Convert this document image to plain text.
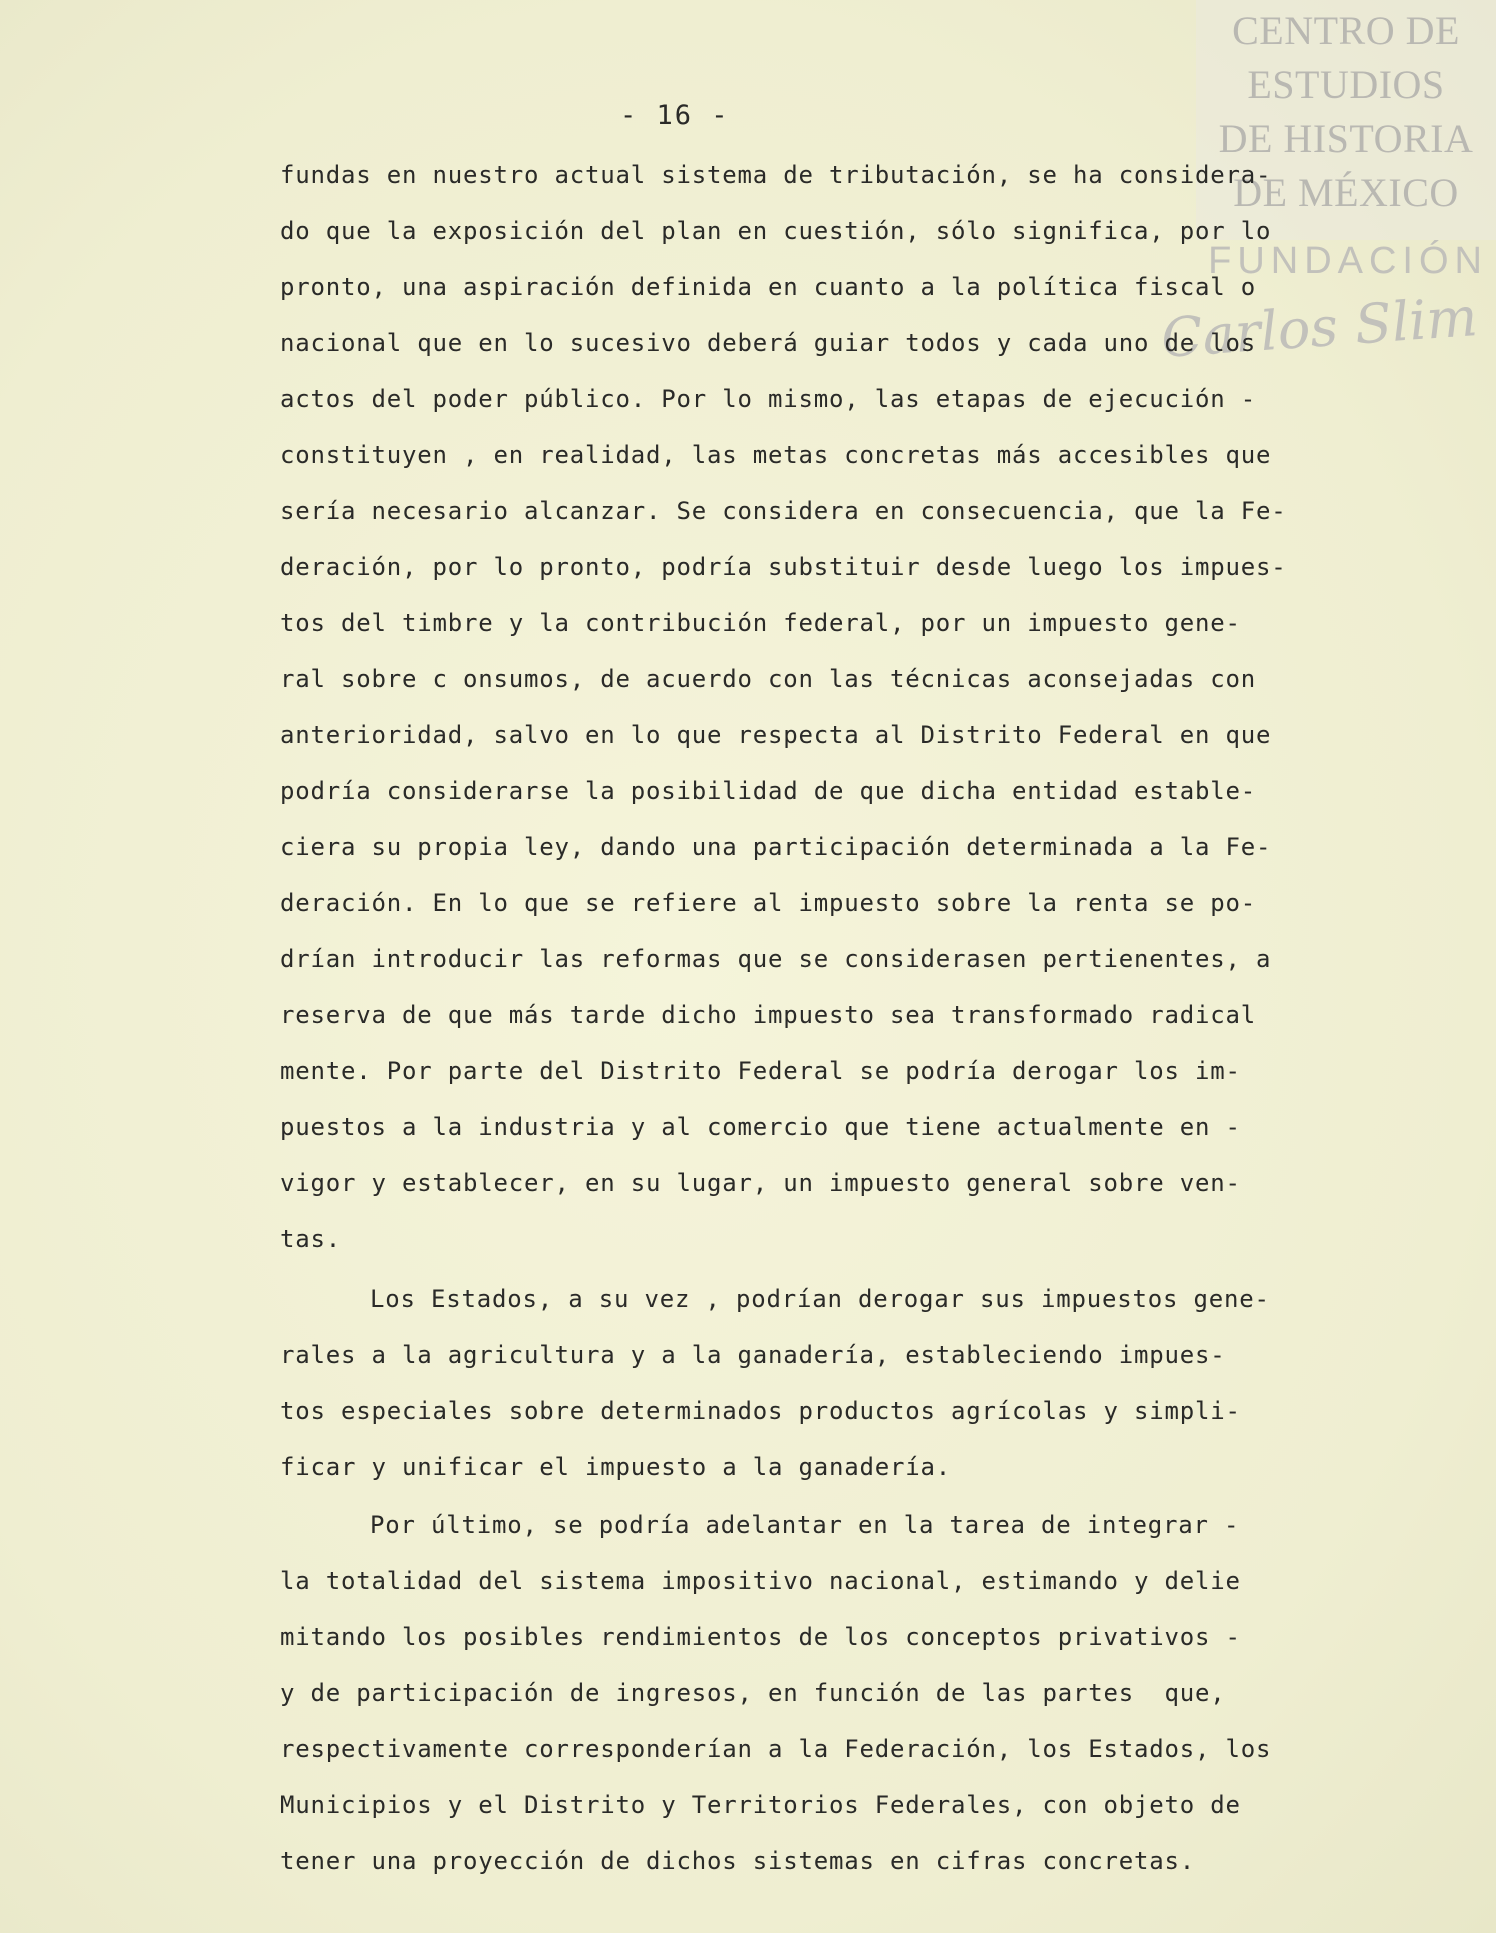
CENTRO DE
ESTUDIOS
DE HISTORIA
DE MÉXICO
FUNDACIÓN
Carlos Slim
- 16 -
fundas en nuestro actual sistema de tributación, se ha considera-
do que la exposición del plan en cuestión, sólo significa, por lo
pronto, una aspiración definida en cuanto a la política fiscal o
nacional que en lo sucesivo deberá guiar todos y cada uno de los
actos del poder público. Por lo mismo, las etapas de ejecución -
constituyen , en realidad, las metas concretas más accesibles que
sería necesario alcanzar. Se considera en consecuencia, que la Fe-
deración, por lo pronto, podría substituir desde luego los impues-
tos del timbre y la contribución federal, por un impuesto gene-
ral sobre c onsumos, de acuerdo con las técnicas aconsejadas con
anterioridad, salvo en lo que respecta al Distrito Federal en que
podría considerarse la posibilidad de que dicha entidad estable-
ciera su propia ley, dando una participación determinada a la Fe-
deración. En lo que se refiere al impuesto sobre la renta se po-
drían introducir las reformas que se considerasen pertienentes, a
reserva de que más tarde dicho impuesto sea transformado radical
mente. Por parte del Distrito Federal se podría derogar los im-
puestos a la industria y al comercio que tiene actualmente en -
vigor y establecer, en su lugar, un impuesto general sobre ven-
tas.
Los Estados, a su vez , podrían derogar sus impuestos gene-
rales a la agricultura y a la ganadería, estableciendo impues-
tos especiales sobre determinados productos agrícolas y simpli-
ficar y unificar el impuesto a la ganadería.
Por último, se podría adelantar en la tarea de integrar -
la totalidad del sistema impositivo nacional, estimando y delie
mitando los posibles rendimientos de los conceptos privativos -
y de participación de ingresos, en función de las partes  que,
respectivamente corresponderían a la Federación, los Estados, los
Municipios y el Distrito y Territorios Federales, con objeto de
tener una proyección de dichos sistemas en cifras concretas.
